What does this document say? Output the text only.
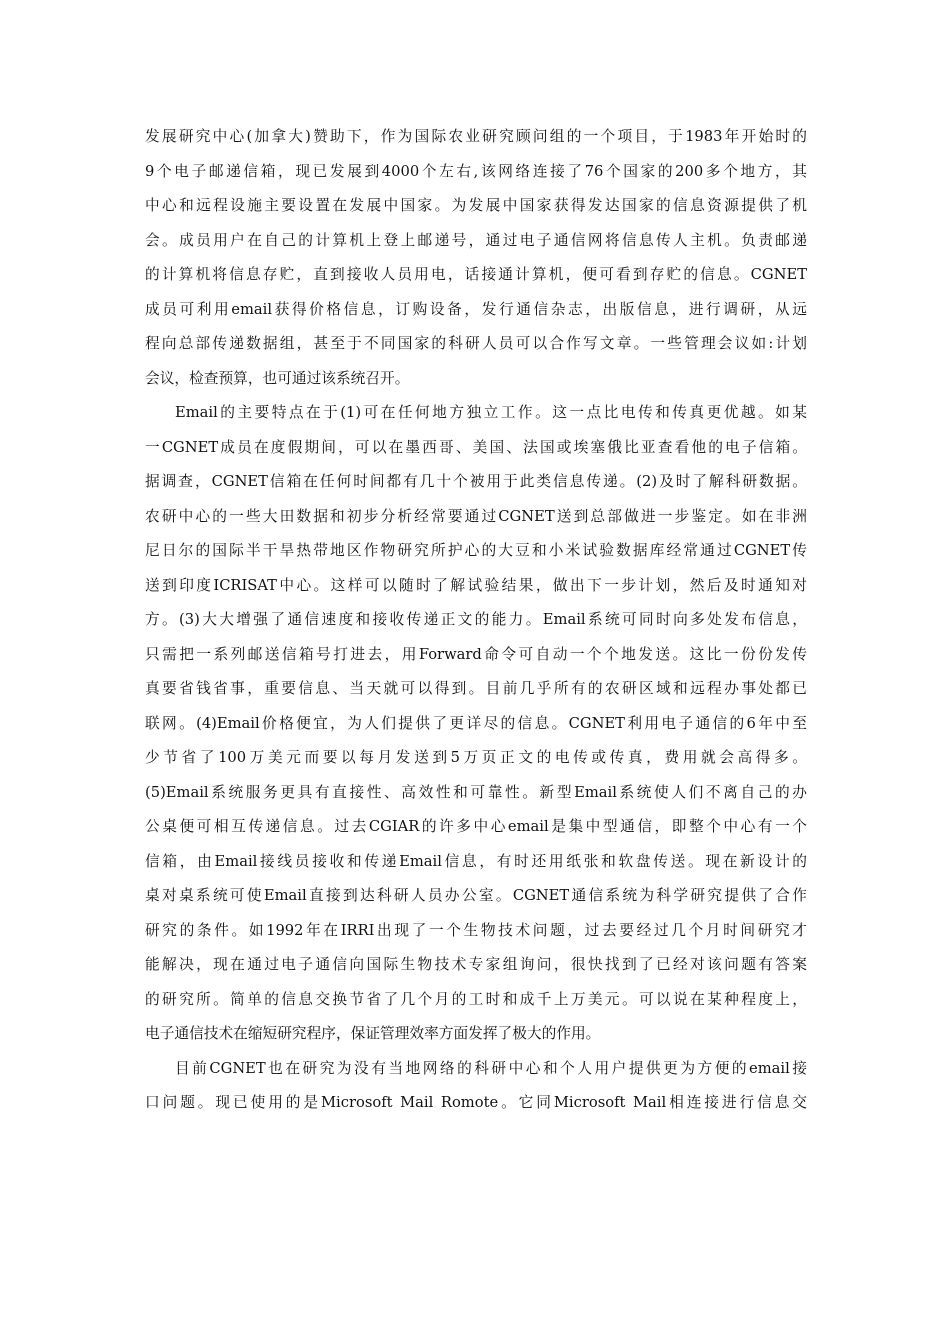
发展研究中心(加拿大)赞助下，作为国际农业研究顾问组的一个项目，于1983年开始时的
9个电子邮递信箱，现已发展到4000个左右,该网络连接了76个国家的200多个地方，其
中心和远程设施主要设置在发展中国家。为发展中国家获得发达国家的信息资源提供了机
会。成员用户在自己的计算机上登上邮递号，通过电子通信网将信息传人主机。负责邮递
的计算机将信息存贮，直到接收人员用电，话接通计算机，便可看到存贮的信息。CGNET
成员可利用email获得价格信息，订购设备，发行通信杂志，出版信息，进行调研，从远
程向总部传递数据组，甚至于不同国家的科研人员可以合作写文章。一些管理会议如:计划
会议，检查预算，也可通过该系统召开。
Email的主要特点在于(1)可在任何地方独立工作。这一点比电传和传真更优越。如某
一CGNET成员在度假期间，可以在墨西哥、美国、法国或埃塞俄比亚查看他的电子信箱。
据调查，CGNET信箱在任何时间都有几十个被用于此类信息传递。(2)及时了解科研数据。
农研中心的一些大田数据和初步分析经常要通过CGNET送到总部做进一步鉴定。如在非洲
尼日尔的国际半干旱热带地区作物研究所护心的大豆和小米试验数据库经常通过CGNET传
送到印度ICRISAT中心。这样可以随时了解试验结果，做出下一步计划，然后及时通知对
方。(3)大大增强了通信速度和接收传递正文的能力。Email系统可同时向多处发布信息，
只需把一系列邮送信箱号打进去，用Forward命令可自动一个个地发送。这比一份份发传
真要省钱省事，重要信息、当天就可以得到。目前几乎所有的农研区域和远程办事处都已
联网。(4)Email价格便宜，为人们提供了更详尽的信息。CGNET利用电子通信的6年中至
少节省了100万美元而要以每月发送到5万页正文的电传或传真，费用就会高得多。
(5)Email系统服务更具有直接性、高效性和可靠性。新型Email系统使人们不离自己的办
公桌便可相互传递信息。过去CGIAR的许多中心email是集中型通信，即整个中心有一个
信箱，由Email接线员接收和传递Email信息，有时还用纸张和软盘传送。现在新设计的
桌对桌系统可使Email直接到达科研人员办公室。CGNET通信系统为科学研究提供了合作
研究的条件。如1992年在IRRI出现了一个生物技术问题，过去要经过几个月时间研究才
能解决，现在通过电子通信向国际生物技术专家组询问，很快找到了已经对该问题有答案
的研究所。简单的信息交换节省了几个月的工时和成千上万美元。可以说在某种程度上，
电子通信技术在缩短研究程序，保证管理效率方面发挥了极大的作用。
目前CGNET也在研究为没有当地网络的科研中心和个人用户提供更为方便的email接
口问题。现已使用的是Microsoft Mail Romote。它同Microsoft Mail相连接进行信息交
